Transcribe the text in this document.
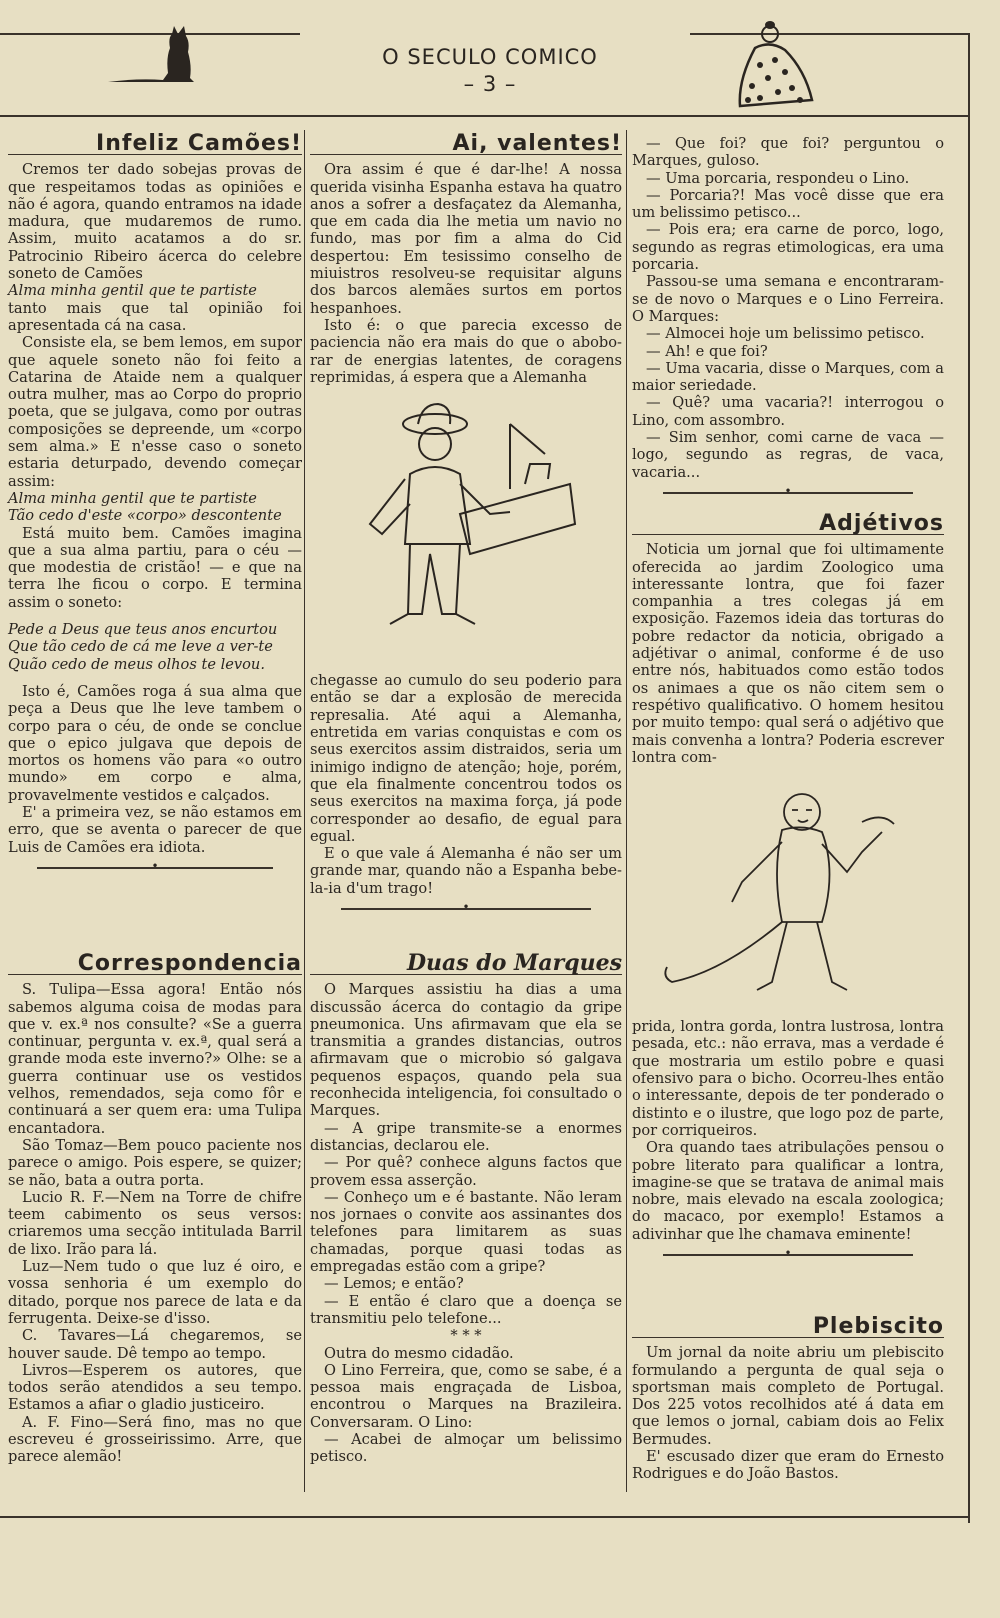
O SECULO COMICO
– 3 –
Infeliz Camões!

Cremos ter dado sobejas provas de que respeitamos todas as opiniões e não é agora, quando entramos na idade madura, que mudaremos de rumo. Assim, muito acatamos a do sr. Patrocinio Ribeiro ácerca do celebre soneto de Camões

Alma minha gentil que te partiste

tanto mais que tal opinião foi apresentada cá na casa.

Consiste ela, se bem lemos, em supor que aquele soneto não foi feito a Catarina de Ataide nem a qualquer outra mulher, mas ao Corpo do proprio poeta, que se julgava, como por outras composições se depreende, um «corpo sem alma.» E n'esse caso o soneto estaria deturpado, devendo começar assim:

Alma minha gentil que te partiste

Tão cedo d'este «corpo» descontente

Está muito bem. Camões imagina que a sua alma partiu, para o céu — que modestia de cristão! — e que na terra lhe ficou o corpo. E termina assim o soneto:

Pede a Deus que teus anos encurtou

Que tão cedo de cá me leve a ver-te

Quão cedo de meus olhos te levou.

Isto é, Camões roga á sua alma que peça a Deus que lhe leve tambem o corpo para o céu, de onde se conclue que o epico julgava que depois de mortos os homens vão para «o outro mundo» em corpo e alma, provavelmente vestidos e calçados.

E' a primeira vez, se não estamos em erro, que se aventa o parecer de que Luis de Camões era idiota.

•
Correspondencia

S. Tulipa—Essa agora! Então nós sabemos alguma coisa de modas para que v. ex.ª nos consulte? «Se a guerra continuar, pergunta v. ex.ª, qual será a grande moda este inverno?» Olhe: se a guerra continuar use os vestidos velhos, remendados, seja como fôr e continuará a ser quem era: uma Tulipa encantadora.

São Tomaz—Bem pouco paciente nos parece o amigo. Pois espere, se quizer; se não, bata a outra porta.

Lucio R. F.—Nem na Torre de chifre teem cabimento os seus versos: criaremos uma secção intitulada Barril de lixo. Irão para lá.

Luz—Nem tudo o que luz é oiro, e vossa senhoria é um exemplo do ditado, porque nos parece de lata e da ferrugenta. Deixe-se d'isso.

C. Tavares—Lá chegaremos, se houver saude. Dê tempo ao tempo.

Livros—Esperem os autores, que todos serão atendidos a seu tempo. Estamos a afiar o gladio justiceiro.

A. F. Fino—Será fino, mas no que escreveu é grosseirissimo. Arre, que parece alemão!

Ai, valentes!

Ora assim é que é dar-lhe! A nossa querida visinha Espanha estava ha quatro anos a sofrer a desfaçatez da Alemanha, que em cada dia lhe metia um navio no fundo, mas por fim a alma do Cid despertou: Em tesissimo conselho de miuistros resolveu-se requisitar alguns dos barcos alemães surtos em portos hespanhoes.

Isto é: o que parecia excesso de paciencia não era mais do que o abobo- rar de energias latentes, de coragens reprimidas, á espera que a Alemanha

chegasse ao cumulo do seu poderio para então se dar a explosão de merecida represalia. Até aqui a Alemanha, entretida em varias conquistas e com os seus exercitos assim distraidos, seria um inimigo indigno de atenção; hoje, porém, que ela finalmente concentrou todos os seus exercitos na maxima força, já pode corresponder ao desafio, de egual para egual.

E o que vale á Alemanha é não ser um grande mar, quando não a Espanha bebe-la-ia d'um trago!

•
Duas do Marques

O Marques assistiu ha dias a uma discussão ácerca do contagio da gripe pneumonica. Uns afirmavam que ela se transmitia a grandes distancias, outros afirmavam que o microbio só galgava pequenos espaços, quando pela sua reconhecida inteligencia, foi consultado o Marques.

— A gripe transmite-se a enormes distancias, declarou ele.

— Por quê? conhece alguns factos que provem essa asserção.

— Conheço um e é bastante. Não leram nos jornaes o convite aos assinantes dos telefones para limitarem as suas chamadas, porque quasi todas as empregadas estão com a gripe?

— Lemos; e então?

— E então é claro que a doença se transmitiu pelo telefone...

* * *

Outra do mesmo cidadão.

O Lino Ferreira, que, como se sabe, é a pessoa mais engraçada de Lisboa, encontrou o Marques na Brazileira. Conversaram. O Lino:

— Acabei de almoçar um belissimo petisco.

— Que foi? que foi? perguntou o Marques, guloso.

— Uma porcaria, respondeu o Lino.

— Porcaria?! Mas você disse que era um belissimo petisco...

— Pois era; era carne de porco, logo, segundo as regras etimologicas, era uma porcaria.

Passou-se uma semana e encontraram-se de novo o Marques e o Lino Ferreira. O Marques:

— Almocei hoje um belissimo petisco.

— Ah! e que foi?

— Uma vacaria, disse o Marques, com a maior seriedade.

— Quê? uma vacaria?! interrogou o Lino, com assombro.

— Sim senhor, comi carne de vaca — logo, segundo as regras, de vaca, vacaria...

•
Adjétivos

Noticia um jornal que foi ultimamente oferecida ao jardim Zoologico uma interessante lontra, que foi fazer companhia a tres colegas já em exposição. Fazemos ideia das torturas do pobre redactor da noticia, obrigado a adjétivar o animal, conforme é de uso entre nós, habituados como estão todos os animaes a que os não citem sem o respétivo qualificativo. O homem hesitou por muito tempo: qual será o adjétivo que mais convenha a lontra? Poderia escrever lontra com-

prida, lontra gorda, lontra lustrosa, lontra pesada, etc.: não errava, mas a verdade é que mostraria um estilo pobre e quasi ofensivo para o bicho. Ocorreu-lhes então o interessante, depois de ter ponderado o distinto e o ilustre, que logo poz de parte, por corriqueiros.

Ora quando taes atribulações pensou o pobre literato para qualificar a lontra, imagine-se que se tratava de animal mais nobre, mais elevado na escala zoologica; do macaco, por exemplo! Estamos a adivinhar que lhe chamava eminente!

•
Plebiscito

Um jornal da noite abriu um plebiscito formulando a pergunta de qual seja o sportsman mais completo de Portugal. Dos 225 votos recolhidos até á data em que lemos o jornal, cabiam dois ao Felix Bermudes.

E' escusado dizer que eram do Ernesto Rodrigues e do João Bastos.
